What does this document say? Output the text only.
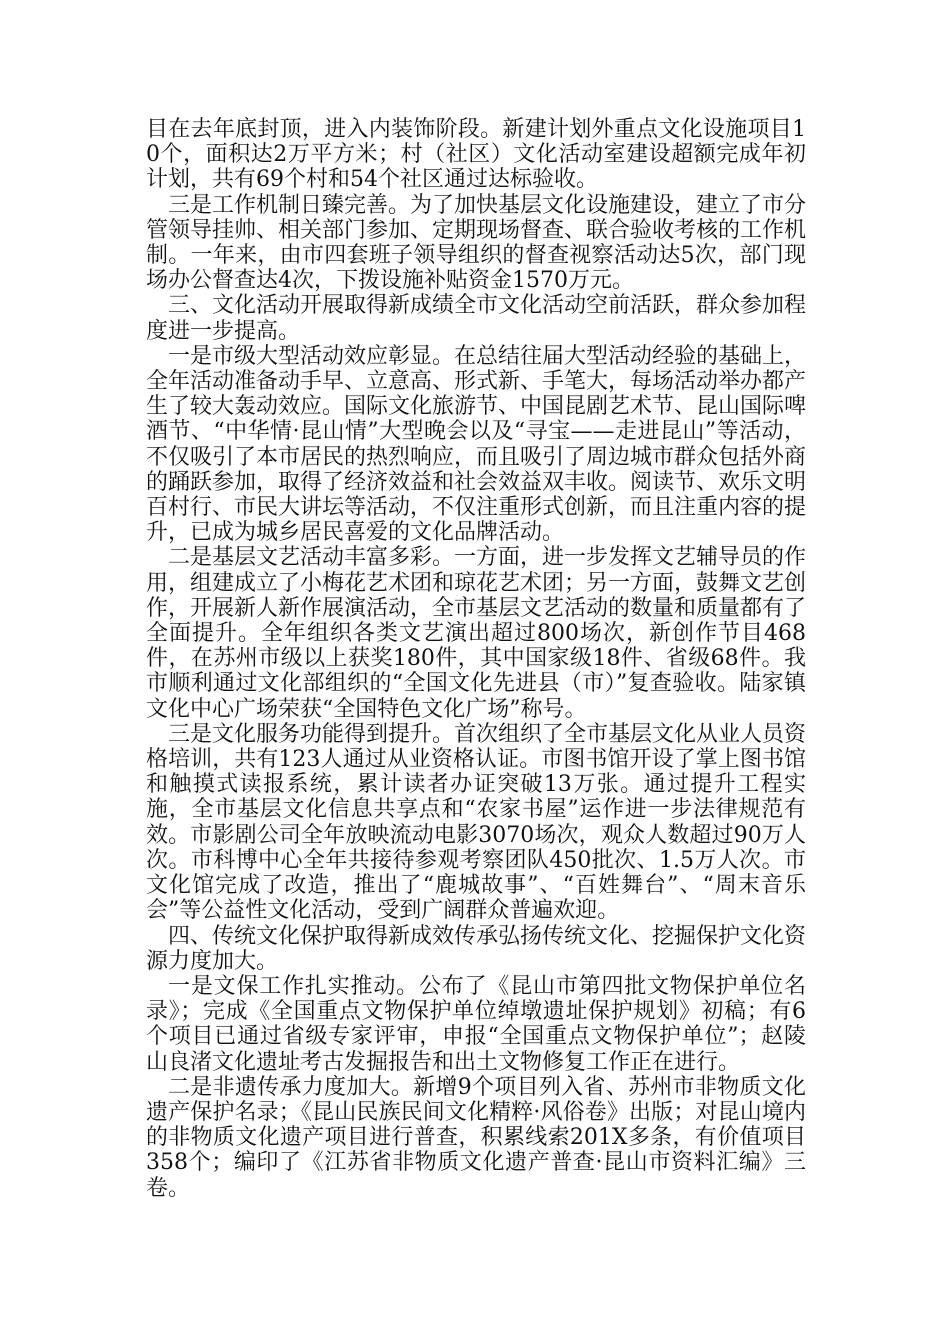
目在去年底封顶，进入内装饰阶段。新建计划外重点文化设施项目10个，面积达2万平方米；村（社区）文化活动室建设超额完成年初计划，共有69个村和54个社区通过达标验收。

三是工作机制日臻完善。为了加快基层文化设施建设，建立了市分管领导挂帅、相关部门参加、定期现场督查、联合验收考核的工作机制。一年来，由市四套班子领导组织的督查视察活动达5次，部门现场办公督查达4次，下拨设施补贴资金1570万元。

三、文化活动开展取得新成绩全市文化活动空前活跃，群众参加程度进一步提高。

一是市级大型活动效应彰显。在总结往届大型活动经验的基础上，全年活动准备动手早、立意高、形式新、手笔大，每场活动举办都产生了较大轰动效应。国际文化旅游节、中国昆剧艺术节、昆山国际啤酒节、“中华情·昆山情”大型晚会以及“寻宝——走进昆山”等活动，不仅吸引了本市居民的热烈响应，而且吸引了周边城市群众包括外商的踊跃参加，取得了经济效益和社会效益双丰收。阅读节、欢乐文明百村行、市民大讲坛等活动，不仅注重形式创新，而且注重内容的提升，已成为城乡居民喜爱的文化品牌活动。

二是基层文艺活动丰富多彩。一方面，进一步发挥文艺辅导员的作用，组建成立了小梅花艺术团和琼花艺术团；另一方面，鼓舞文艺创作，开展新人新作展演活动，全市基层文艺活动的数量和质量都有了全面提升。全年组织各类文艺演出超过800场次，新创作节目468件，在苏州市级以上获奖180件，其中国家级18件、省级68件。我市顺利通过文化部组织的“全国文化先进县（市）”复查验收。陆家镇文化中心广场荣获“全国特色文化广场”称号。

三是文化服务功能得到提升。首次组织了全市基层文化从业人员资格培训，共有123人通过从业资格认证。市图书馆开设了掌上图书馆和触摸式读报系统，累计读者办证突破13万张。通过提升工程实施，全市基层文化信息共享点和“农家书屋”运作进一步法律规范有效。市影剧公司全年放映流动电影3070场次，观众人数超过90万人次。市科博中心全年共接待参观考察团队450批次、1.5万人次。市文化馆完成了改造，推出了“鹿城故事”、“百姓舞台”、“周末音乐会”等公益性文化活动，受到广阔群众普遍欢迎。

四、传统文化保护取得新成效传承弘扬传统文化、挖掘保护文化资源力度加大。

一是文保工作扎实推动。公布了《昆山市第四批文物保护单位名录》；完成《全国重点文物保护单位绰墩遗址保护规划》初稿；有6个项目已通过省级专家评审，申报“全国重点文物保护单位”；赵陵山良渚文化遗址考古发掘报告和出土文物修复工作正在进行。

二是非遗传承力度加大。新增9个项目列入省、苏州市非物质文化遗产保护名录；《昆山民族民间文化精粹·风俗卷》出版；对昆山境内的非物质文化遗产项目进行普查，积累线索201X多条，有价值项目358个；编印了《江苏省非物质文化遗产普查·昆山市资料汇编》三卷。
